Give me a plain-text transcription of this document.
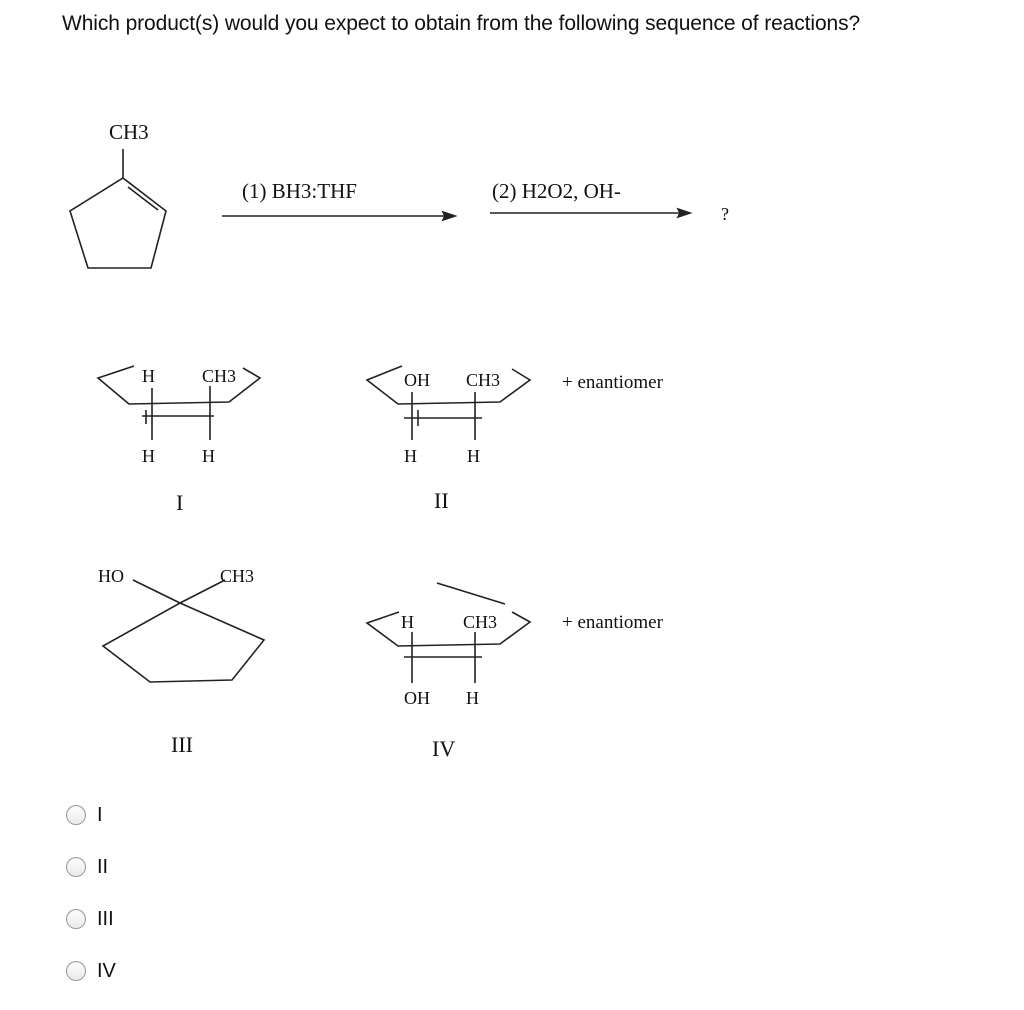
Which product(s) would you expect to obtain from the following sequence of reactions?
CH3
(1) BH3:THF	(2) H2O2, OH-
?
H	CH3
H	H
I
OH CH3
H	H
II
+ enantiomer
HO	CH3
III
H	CH3
OH H
IV
+ enantiomer
I
II
III
IV
